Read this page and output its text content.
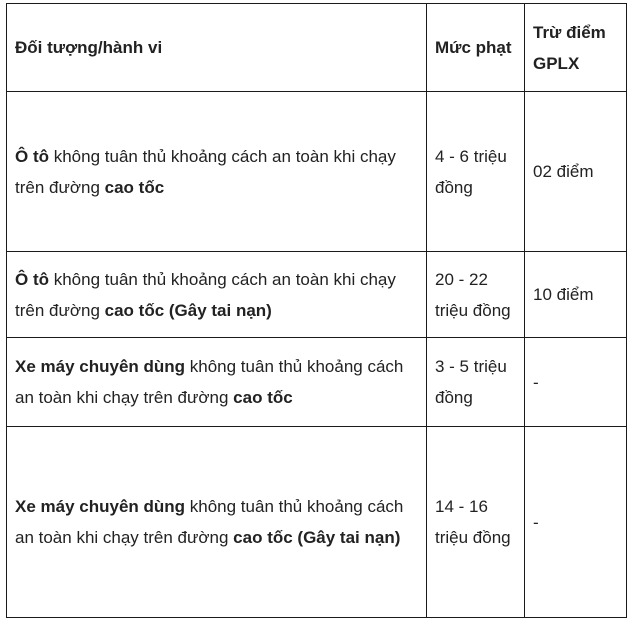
Đối tượng/hành vi	Mức phạt	Trừ điểm GPLX
Ô tô không tuân thủ khoảng cách an toàn khi chạy trên đường cao tốc	4 - 6 triệu đồng	02 điểm
Ô tô không tuân thủ khoảng cách an toàn khi chạy trên đường cao tốc (Gây tai nạn)	20 - 22 triệu đồng	10 điểm
Xe máy chuyên dùng không tuân thủ khoảng cách an toàn khi chạy trên đường cao tốc	3 - 5 triệu đồng	-
Xe máy chuyên dùng không tuân thủ khoảng cách an toàn khi chạy trên đường cao tốc (Gây tai nạn)	14 - 16 triệu đồng	-
